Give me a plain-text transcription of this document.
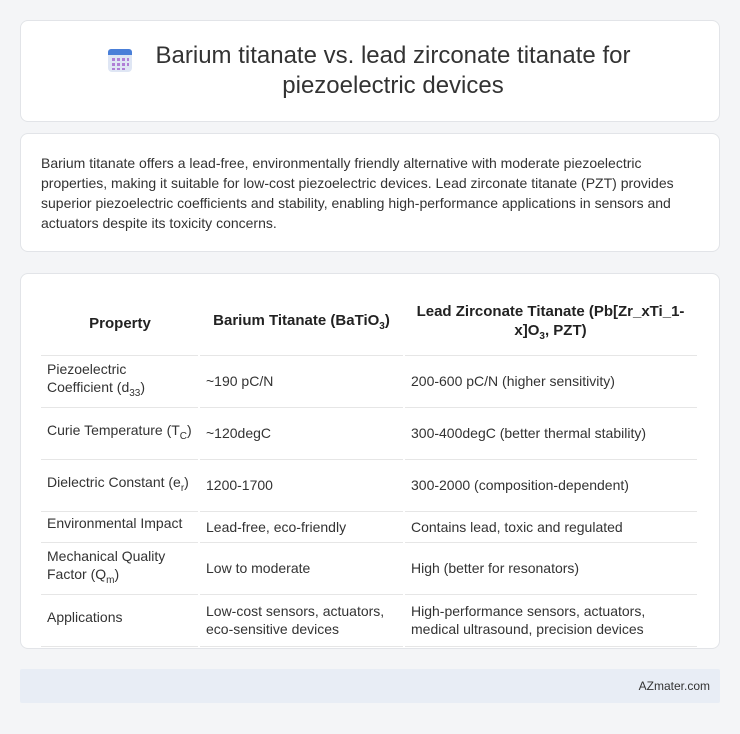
Barium titanate vs. lead zirconate titanate for piezoelectric devices

Barium titanate offers a lead-free, environmentally friendly alternative with moderate piezoelectric properties, making it suitable for low-cost piezoelectric devices. Lead zirconate titanate (PZT) provides superior piezoelectric coefficients and stability, enabling high-performance applications in sensors and actuators despite its toxicity concerns.

Property	Barium Titanate (BaTiO$_3$)	Lead Zirconate Titanate ($Pb[Zr\_xTi\_1-x]O_3$, PZT)
Piezoelectric Coefficient $(d_{33})$	~190 pC/N	200-600 pC/N (higher sensitivity)
Curie Temperature $(T_C)$	~120degC	300-400degC (better thermal stability)
Dielectric Constant $(e_r)$	1200-1700	300-2000 (composition-dependent)
Environmental Impact	Lead-free, eco-friendly	Contains lead, toxic and regulated
Mechanical Quality Factor $(Q_m)$	Low to moderate	High (better for resonators)
Applications	Low-cost sensors, actuators, eco-sensitive devices	High-performance sensors, actuators, medical ultrasound, precision devices
AZmater.com
